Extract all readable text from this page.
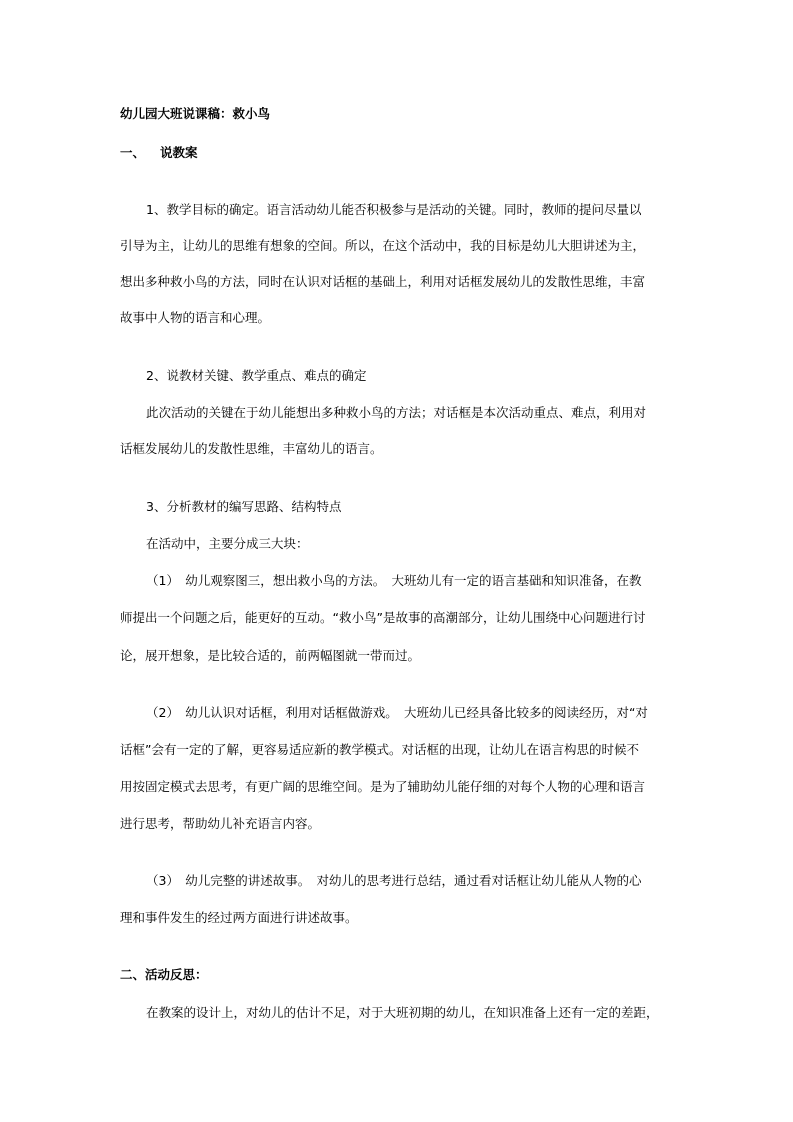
幼儿园大班说课稿：救小鸟
一、 说教案
1、教学目标的确定。语言活动幼儿能否积极参与是活动的关键。同时，教师的提问尽量以
引导为主，让幼儿的思维有想象的空间。所以，在这个活动中，我的目标是幼儿大胆讲述为主，
想出多种救小鸟的方法，同时在认识对话框的基础上，利用对话框发展幼儿的发散性思维，丰富
故事中人物的语言和心理。
2、说教材关键、教学重点、难点的确定
此次活动的关键在于幼儿能想出多种救小鸟的方法；对话框是本次活动重点、难点，利用对
话框发展幼儿的发散性思维，丰富幼儿的语言。
3、分析教材的编写思路、结构特点
在活动中，主要分成三大块：
（1）　幼儿观察图三，想出救小鸟的方法。　大班幼儿有一定的语言基础和知识准备，在教
师提出一个问题之后，能更好的互动。“救小鸟”是故事的高潮部分，让幼儿围绕中心问题进行讨
论，展开想象，是比较合适的，前两幅图就一带而过。
（2）　幼儿认识对话框，利用对话框做游戏。　大班幼儿已经具备比较多的阅读经历，对“对
话框”会有一定的了解，更容易适应新的教学模式。对话框的出现，让幼儿在语言构思的时候不
用按固定模式去思考，有更广阔的思维空间。是为了辅助幼儿能仔细的对每个人物的心理和语言
进行思考，帮助幼儿补充语言内容。
（3）　幼儿完整的讲述故事。　对幼儿的思考进行总结，通过看对话框让幼儿能从人物的心
理和事件发生的经过两方面进行讲述故事。
二、活动反思：
在教案的设计上，对幼儿的估计不足，对于大班初期的幼儿，在知识准备上还有一定的差距，
